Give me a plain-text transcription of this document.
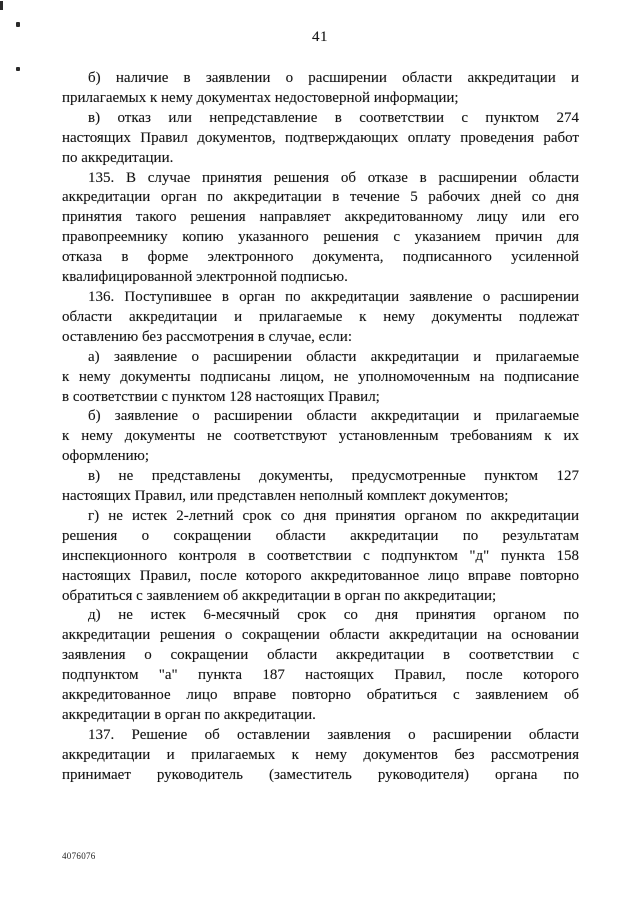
41
б) наличие в заявлении о расширении области аккредитации и
прилагаемых к нему документах недостоверной информации;
в) отказ или непредставление в соответствии с пунктом 274
настоящих Правил документов, подтверждающих оплату проведения работ
по аккредитации.
135. В случае принятия решения об отказе в расширении области
аккредитации орган по аккредитации в течение 5 рабочих дней со дня
принятия такого решения направляет аккредитованному лицу или его
правопреемнику копию указанного решения с указанием причин для
отказа в форме электронного документа, подписанного усиленной
квалифицированной электронной подписью.
136. Поступившее в орган по аккредитации заявление о расширении
области аккредитации и прилагаемые к нему документы подлежат
оставлению без рассмотрения в случае, если:
а) заявление о расширении области аккредитации и прилагаемые
к нему документы подписаны лицом, не уполномоченным на подписание
в соответствии с пунктом 128 настоящих Правил;
б) заявление о расширении области аккредитации и прилагаемые
к нему документы не соответствуют установленным требованиям к их
оформлению;
в) не представлены документы, предусмотренные пунктом 127
настоящих Правил, или представлен неполный комплект документов;
г) не истек 2-летний срок со дня принятия органом по аккредитации
решения о сокращении области аккредитации по результатам
инспекционного контроля в соответствии с подпунктом "д" пункта 158
настоящих Правил, после которого аккредитованное лицо вправе повторно
обратиться с заявлением об аккредитации в орган по аккредитации;
д) не истек 6-месячный срок со дня принятия органом по
аккредитации решения о сокращении области аккредитации на основании
заявления о сокращении области аккредитации в соответствии с
подпунктом "а" пункта 187 настоящих Правил, после которого
аккредитованное лицо вправе повторно обратиться с заявлением об
аккредитации в орган по аккредитации.
137. Решение об оставлении заявления о расширении области
аккредитации и прилагаемых к нему документов без рассмотрения
принимает руководитель (заместитель руководителя) органа по
4076076
